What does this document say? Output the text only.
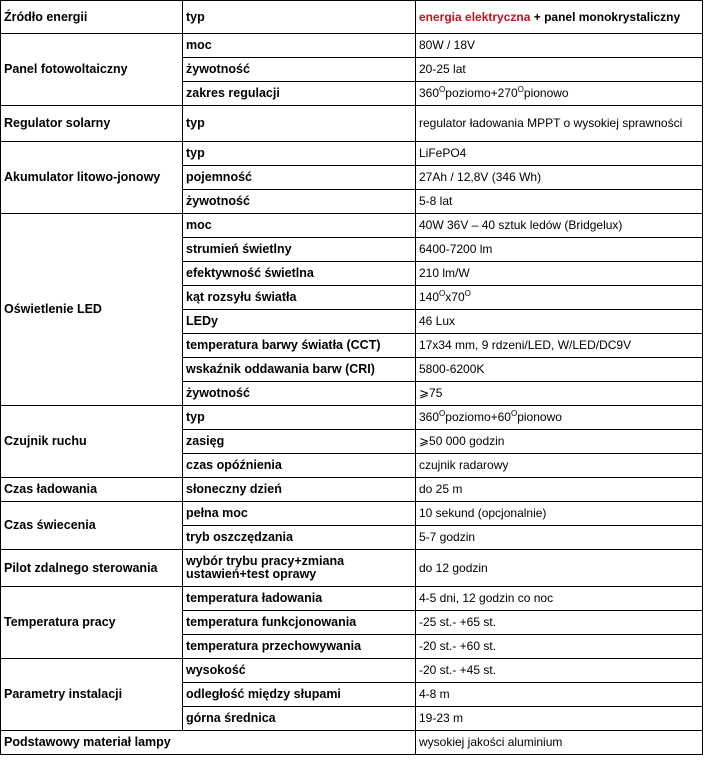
Źródło energii	typ	energia elektryczna + panel monokrystaliczny
Panel fotowoltaiczny	moc	80W / 18V
	żywotność	20-25 lat
	zakres regulacji	$360^Opoziomo+270^Opionowo$
Regulator solarny	typ	regulator ładowania MPPT o wysokiej sprawności
Akumulator litowo-jonowy	typ	LiFePO4
	pojemność	27Ah / 12,8V (346 Wh)
	żywotność	5-8 lat
Oświetlenie LED	moc	40W 36V – 40 sztuk ledów (Bridgelux)
	strumień świetlny	6400-7200 lm
	efektywność świetlna	210 lm/W
	kąt rozsyłu światła	$140^Ox70^O$
	LEDy	46 Lux
	temperatura barwy światła (CCT)	17x34 mm, 9 rdzeni/LED, W/LED/DC9V
	wskaźnik oddawania barw (CRI)	5800-6200K
	żywotność	⩾75
Czujnik ruchu	typ	$360^Opoziomo+60^Opionowo$
	zasięg	⩾50 000 godzin
	czas opóźnienia	czujnik radarowy
Czas ładowania	słoneczny dzień	do 25 m
Czas świecenia	pełna moc	10 sekund (opcjonalnie)
	tryb oszczędzania	5-7 godzin
Pilot zdalnego sterowania	wybór trybu pracy+zmiana ustawień+test oprawy	do 12 godzin
Temperatura pracy	temperatura ładowania	4-5 dni, 12 godzin co noc
	temperatura funkcjonowania	-25 st.- +65 st.
	temperatura przechowywania	-20 st.- +60 st.
Parametry instalacji	wysokość	-20 st.- +45 st.
	odległość między słupami	4-8 m
	górna średnica	19-23 m
Podstawowy materiał lampy		wysokiej jakości aluminium
